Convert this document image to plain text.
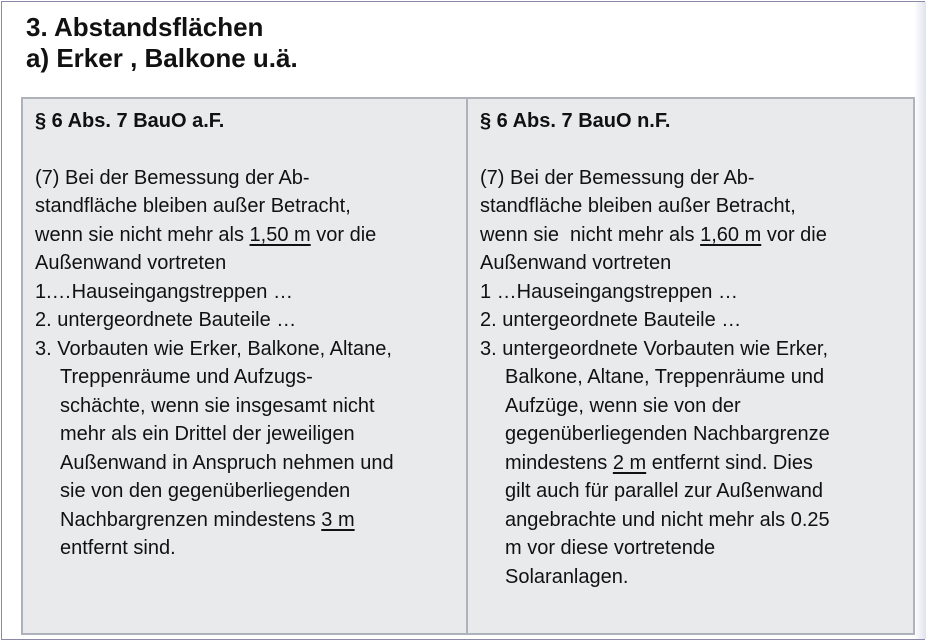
3. Abstandsflächen
a) Erker , Balkone u.ä.
§ 6 Abs. 7 BauO a.F.
(7) Bei der Bemessung der Ab-
standfläche bleiben außer Betracht,
wenn sie nicht mehr als 1,50 m vor die
Außenwand vortreten
1.…Hauseingangstreppen …
2. untergeordnete Bauteile …
3. Vorbauten wie Erker, Balkone, Altane,
Treppenräume und Aufzugs-
schächte, wenn sie insgesamt nicht
mehr als ein Drittel der jeweiligen
Außenwand in Anspruch nehmen und
sie von den gegenüberliegenden
Nachbargrenzen mindestens 3 m
entfernt sind.
§ 6 Abs. 7 BauO n.F.
(7) Bei der Bemessung der Ab-
standfläche bleiben außer Betracht,
wenn sie  nicht mehr als 1,60 m vor die
Außenwand vortreten
1 …Hauseingangstreppen …
2. untergeordnete Bauteile …
3. untergeordnete Vorbauten wie Erker,
Balkone, Altane, Treppenräume und
Aufzüge, wenn sie von der
gegenüberliegenden Nachbargrenze
mindestens 2 m entfernt sind. Dies
gilt auch für parallel zur Außenwand
angebrachte und nicht mehr als 0.25
m vor diese vortretende
Solaranlagen.
